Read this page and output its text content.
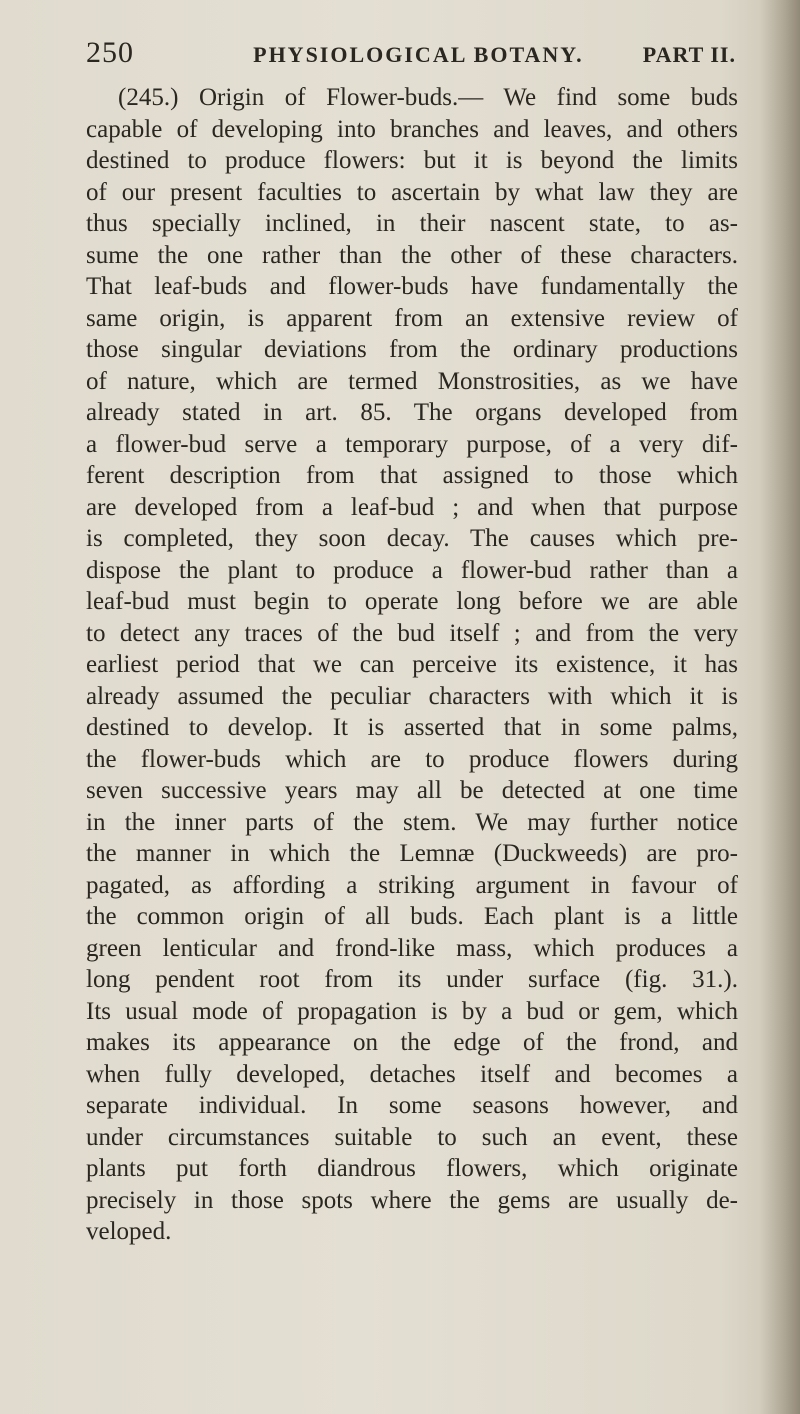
250	PHYSIOLOGICAL BOTANY.	PART II.
(245.) Origin of Flower-buds.— We find some buds
capable of developing into branches and leaves, and others
destined to produce flowers: but it is beyond the limits
of our present faculties to ascertain by what law they are
thus specially inclined, in their nascent state, to as-
sume the one rather than the other of these characters.
That leaf-buds and flower-buds have fundamentally the
same origin, is apparent from an extensive review of
those singular deviations from the ordinary productions
of nature, which are termed Monstrosities, as we have
already stated in art. 85. The organs developed from
a flower-bud serve a temporary purpose, of a very dif-
ferent description from that assigned to those which
are developed from a leaf-bud ; and when that purpose
is completed, they soon decay. The causes which pre-
dispose the plant to produce a flower-bud rather than a
leaf-bud must begin to operate long before we are able
to detect any traces of the bud itself ; and from the very
earliest period that we can perceive its existence, it has
already assumed the peculiar characters with which it is
destined to develop. It is asserted that in some palms,
the flower-buds which are to produce flowers during
seven successive years may all be detected at one time
in the inner parts of the stem. We may further notice
the manner in which the Lemnæ (Duckweeds) are pro-
pagated, as affording a striking argument in favour of
the common origin of all buds. Each plant is a little
green lenticular and frond-like mass, which produces a
long pendent root from its under surface (fig. 31.).
Its usual mode of propagation is by a bud or gem, which
makes its appearance on the edge of the frond, and
when fully developed, detaches itself and becomes a
separate individual. In some seasons however, and
under circumstances suitable to such an event, these
plants put forth diandrous flowers, which originate
precisely in those spots where the gems are usually de-
veloped.
